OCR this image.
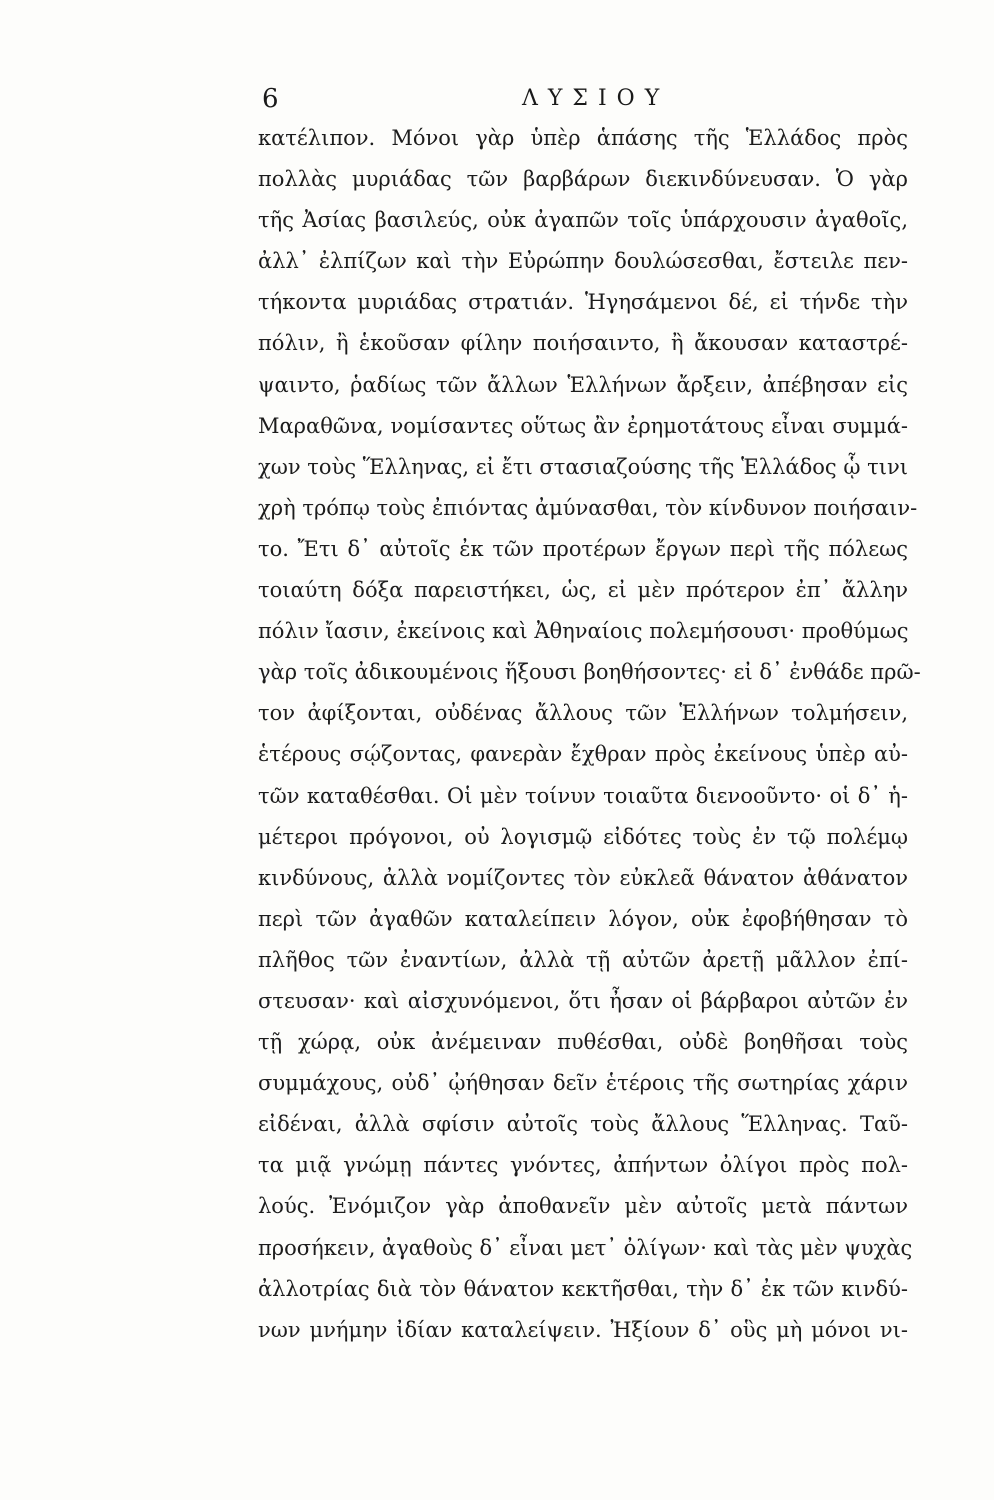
6	ΛΥΣΙΟΥ
κατέλιπον. Μόνοι γὰρ ὑπὲρ ἁπάσης τῆς Ἑλλάδος πρὸς
πολλὰς μυριάδας τῶν βαρβάρων διεκινδύνευσαν. Ὁ γὰρ
τῆς Ἀσίας βασιλεύς, οὐκ ἀγαπῶν τοῖς ὑπάρχουσιν ἀγαθοῖς,
ἀλλ᾽ ἐλπίζων καὶ τὴν Εὐρώπην δουλώσεσθαι, ἔστειλε πεν-
τήκοντα μυριάδας στρατιάν. Ἡγησάμενοι δέ, εἰ τήνδε τὴν
πόλιν, ἢ ἑκοῦσαν φίλην ποιήσαιντο, ἢ ἄκουσαν καταστρέ-
ψαιντο, ῥαδίως τῶν ἄλλων Ἑλλήνων ἄρξειν, ἀπέβησαν εἰς
Μαραθῶνα, νομίσαντες οὕτως ἂν ἐρημοτάτους εἶναι συμμά-
χων τοὺς Ἕλληνας, εἰ ἔτι στασιαζούσης τῆς Ἑλλάδος ᾧ τινι
χρὴ τρόπῳ τοὺς ἐπιόντας ἀμύνασθαι, τὸν κίνδυνον ποιήσαιν-
το. Ἔτι δ᾽ αὐτοῖς ἐκ τῶν προτέρων ἔργων περὶ τῆς πόλεως
τοιαύτη δόξα παρειστήκει, ὡς, εἰ μὲν πρότερον ἐπ᾽ ἄλλην
πόλιν ἴασιν, ἐκείνοις καὶ Ἀθηναίοις πολεμήσουσι· προθύμως
γὰρ τοῖς ἀδικουμένοις ἥξουσι βοηθήσοντες· εἰ δ᾽ ἐνθάδε πρῶ-
τον ἀφίξονται, οὐδένας ἄλλους τῶν Ἑλλήνων τολμήσειν,
ἑτέρους σῴζοντας, φανερὰν ἔχθραν πρὸς ἐκείνους ὑπὲρ αὐ-
τῶν καταθέσθαι. Οἱ μὲν τοίνυν τοιαῦτα διενοοῦντο· οἱ δ᾽ ἡ-
μέτεροι πρόγονοι, οὐ λογισμῷ εἰδότες τοὺς ἐν τῷ πολέμῳ
κινδύνους, ἀλλὰ νομίζοντες τὸν εὐκλεᾶ θάνατον ἀθάνατον
περὶ τῶν ἀγαθῶν καταλείπειν λόγον, οὐκ ἐφοβήθησαν τὸ
πλῆθος τῶν ἐναντίων, ἀλλὰ τῇ αὐτῶν ἀρετῇ μᾶλλον ἐπί-
στευσαν· καὶ αἰσχυνόμενοι, ὅτι ἦσαν οἱ βάρβαροι αὐτῶν ἐν
τῇ χώρᾳ, οὐκ ἀνέμειναν πυθέσθαι, οὐδὲ βοηθῆσαι τοὺς
συμμάχους, οὐδ᾽ ᾠήθησαν δεῖν ἑτέροις τῆς σωτηρίας χάριν
εἰδέναι, ἀλλὰ σφίσιν αὐτοῖς τοὺς ἄλλους Ἕλληνας. Ταῦ-
τα μιᾷ γνώμῃ πάντες γνόντες, ἀπήντων ὀλίγοι πρὸς πολ-
λούς. Ἐνόμιζον γὰρ ἀποθανεῖν μὲν αὐτοῖς μετὰ πάντων
προσήκειν, ἀγαθοὺς δ᾽ εἶναι μετ᾽ ὀλίγων· καὶ τὰς μὲν ψυχὰς
ἀλλοτρίας διὰ τὸν θάνατον κεκτῆσθαι, τὴν δ᾽ ἐκ τῶν κινδύ-
νων μνήμην ἰδίαν καταλείψειν. Ἠξίουν δ᾽ οὓς μὴ μόνοι νι-
